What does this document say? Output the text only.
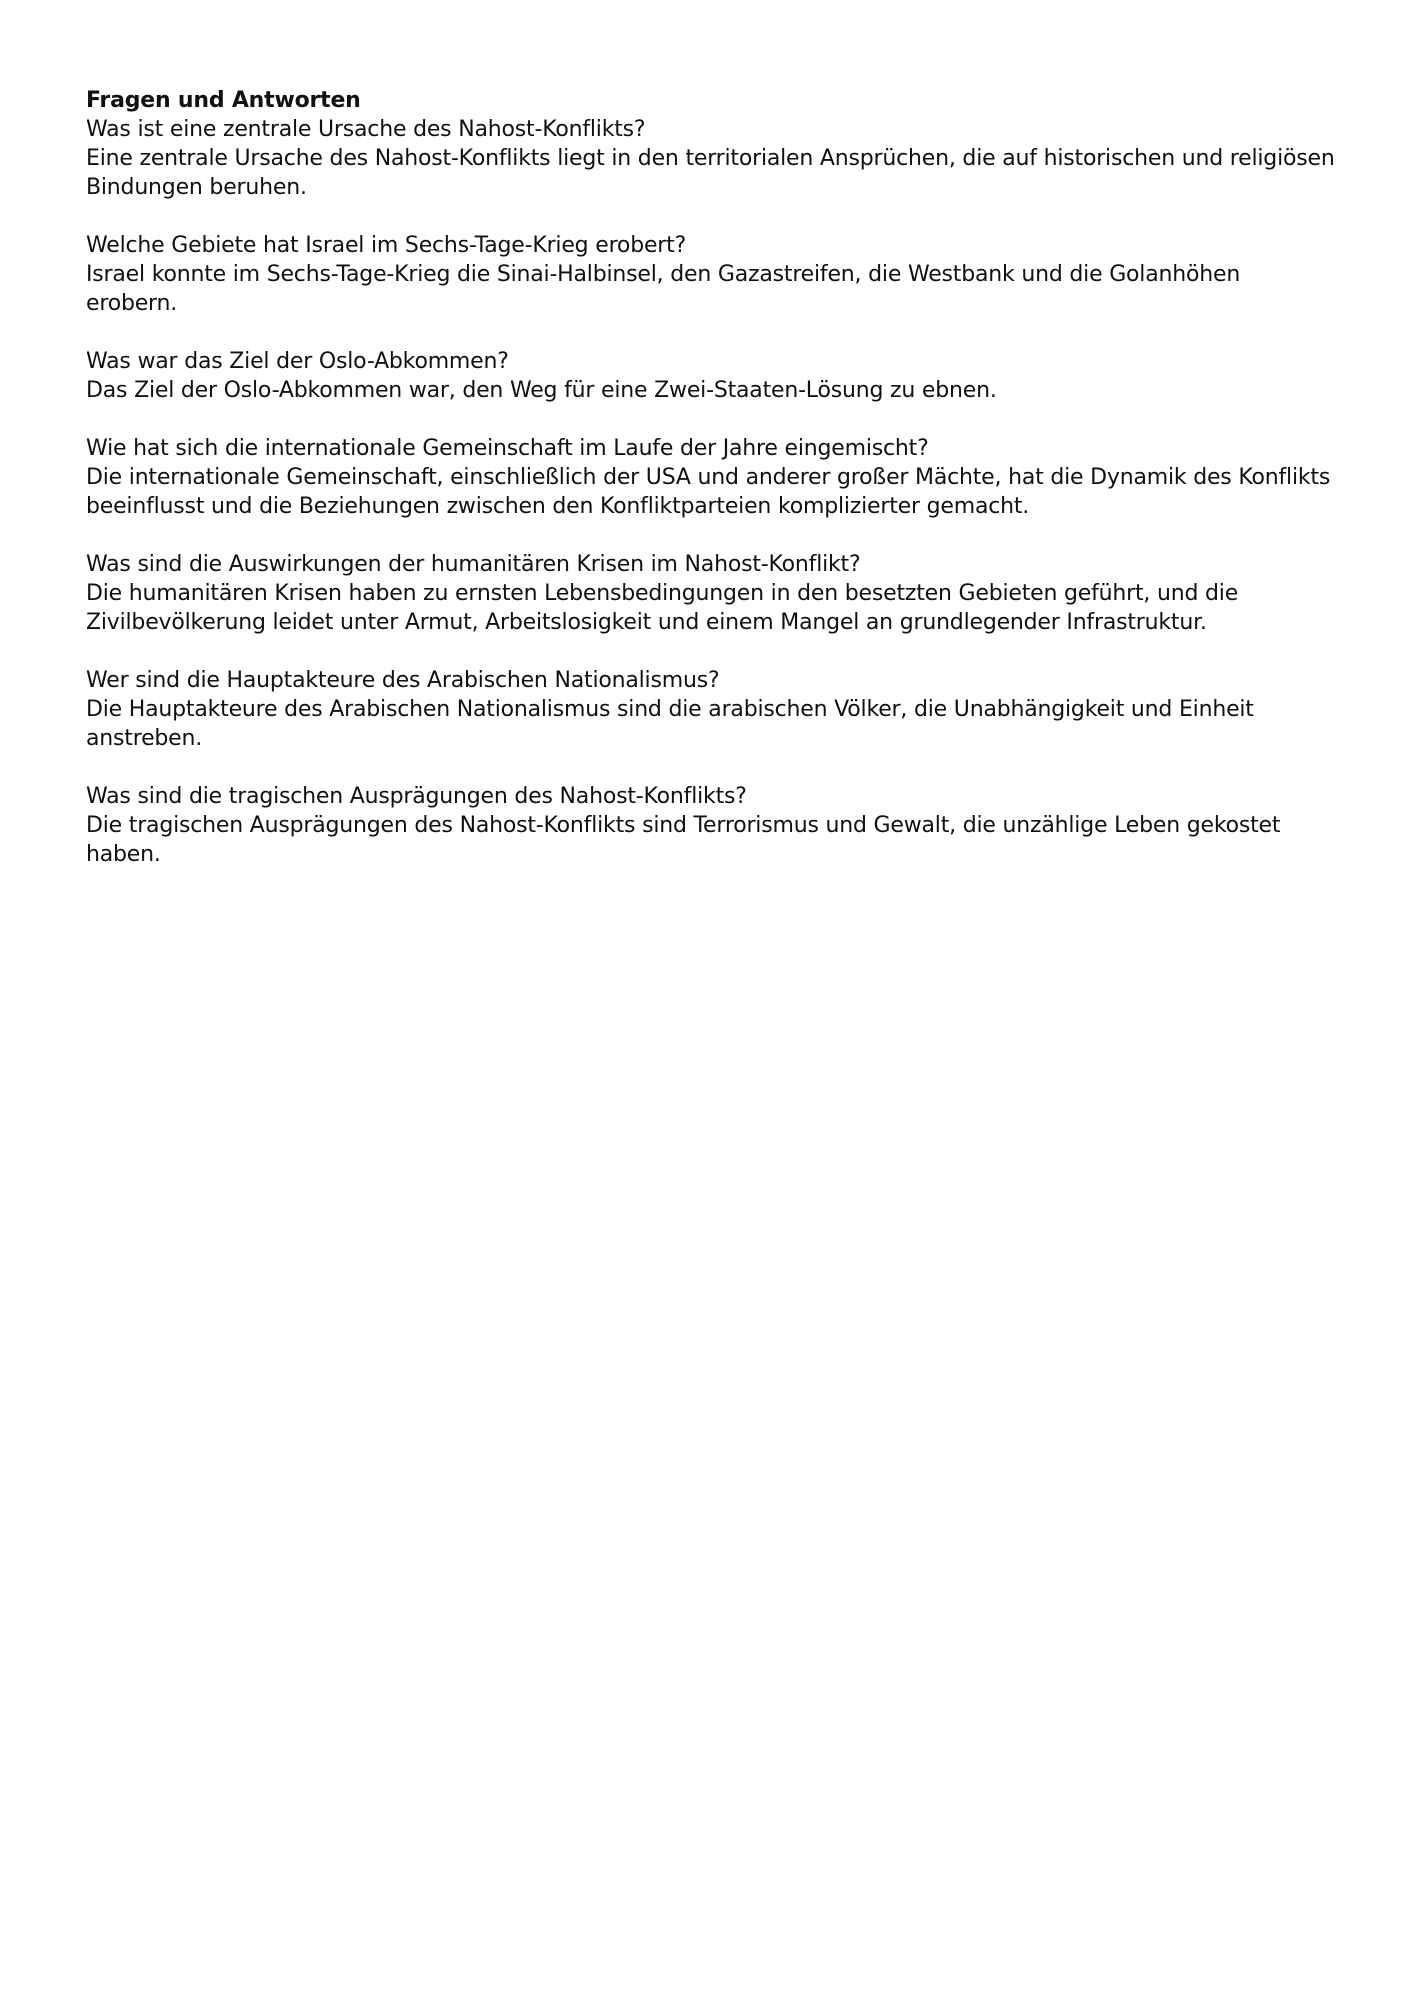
Fragen und Antworten

Was ist eine zentrale Ursache des Nahost-Konflikts?

Eine zentrale Ursache des Nahost-Konflikts liegt in den territorialen Ansprüchen, die auf historischen und religiösen Bindungen beruhen.

Welche Gebiete hat Israel im Sechs-Tage-Krieg erobert?

Israel konnte im Sechs-Tage-Krieg die Sinai-Halbinsel, den Gazastreifen, die Westbank und die Golanhöhen erobern.

Was war das Ziel der Oslo-Abkommen?

Das Ziel der Oslo-Abkommen war, den Weg für eine Zwei-Staaten-Lösung zu ebnen.

Wie hat sich die internationale Gemeinschaft im Laufe der Jahre eingemischt?

Die internationale Gemeinschaft, einschließlich der USA und anderer großer Mächte, hat die Dynamik des Konflikts beeinflusst und die Beziehungen zwischen den Konfliktparteien komplizierter gemacht.

Was sind die Auswirkungen der humanitären Krisen im Nahost-Konflikt?

Die humanitären Krisen haben zu ernsten Lebensbedingungen in den besetzten Gebieten geführt, und die Zivilbevölkerung leidet unter Armut, Arbeitslosigkeit und einem Mangel an grundlegender Infrastruktur.

Wer sind die Hauptakteure des Arabischen Nationalismus?

Die Hauptakteure des Arabischen Nationalismus sind die arabischen Völker, die Unabhängigkeit und Einheit anstreben.

Was sind die tragischen Ausprägungen des Nahost-Konflikts?

Die tragischen Ausprägungen des Nahost-Konflikts sind Terrorismus und Gewalt, die unzählige Leben gekostet haben.
